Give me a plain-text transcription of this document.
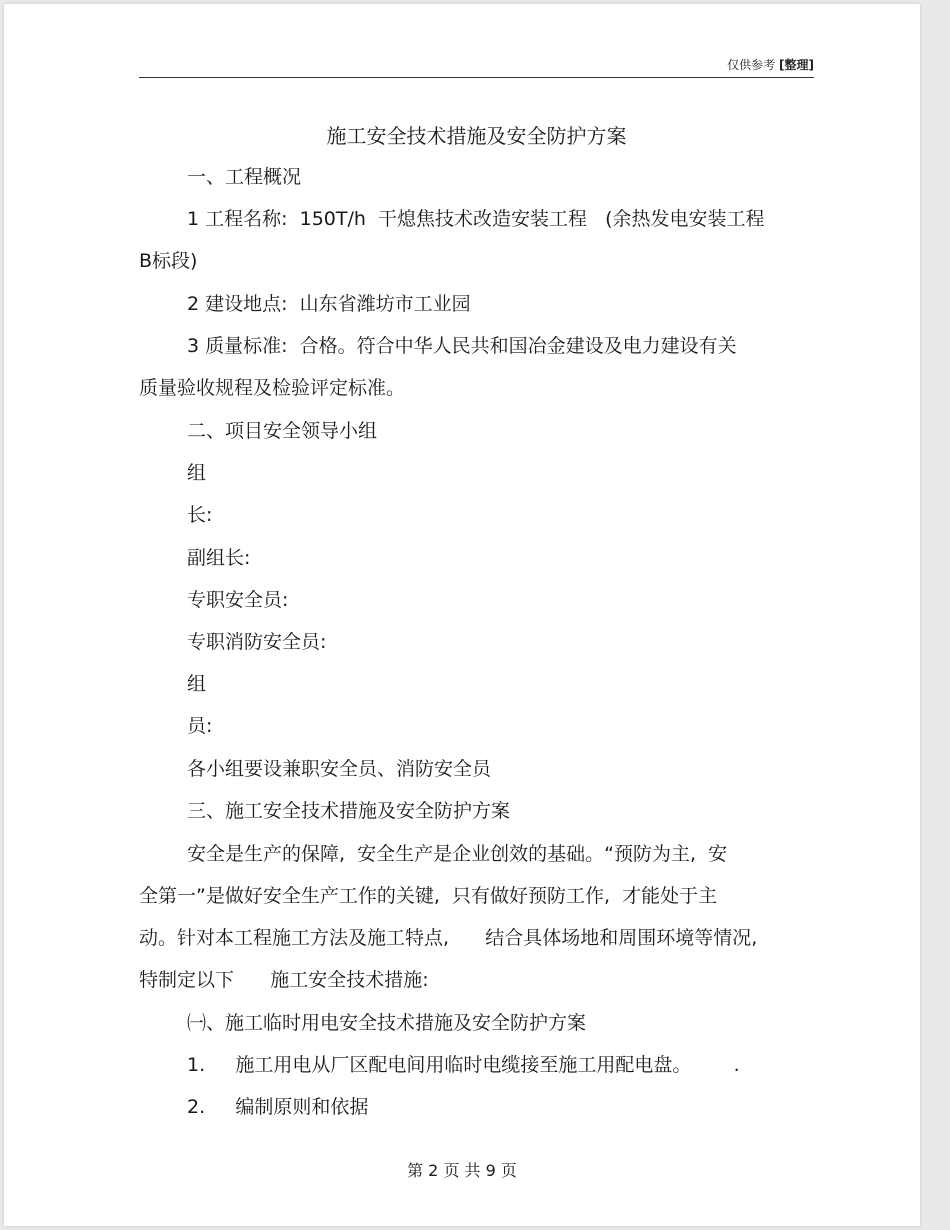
仅供参考 [整理]
施工安全技术措施及安全防护方案
一、工程概况
1 工程名称:  150T/h  干熄焦技术改造安装工程   (余热发电安装工程
B标段)
2 建设地点:  山东省潍坊市工业园
3 质量标准:  合格。符合中华人民共和国冶金建设及电力建设有关
质量验收规程及检验评定标准。
二、项目安全领导小组
组
长:
副组长:
专职安全员:
专职消防安全员:
组
员:
各小组要设兼职安全员、消防安全员
三、施工安全技术措施及安全防护方案
安全是生产的保障,  安全生产是企业创效的基础。“预防为主,  安
全第一”是做好安全生产工作的关键,  只有做好预防工作,  才能处于主
动。针对本工程施工方法及施工特点,      结合具体场地和周围环境等情况,
特制定以下      施工安全技术措施:
㈠、施工临时用电安全技术措施及安全防护方案
1.     施工用电从厂区配电间用临时电缆接至施工用配电盘。       .
2.     编制原则和依据
第 2 页 共 9 页
